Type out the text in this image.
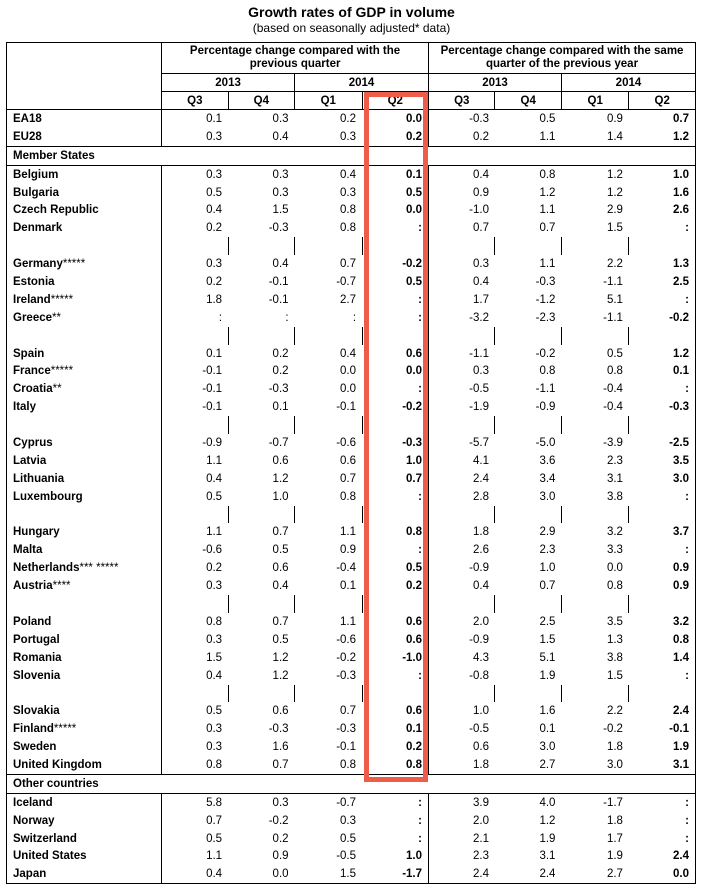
Growth rates of GDP in volume
(based on seasonally adjusted* data)
	Percentage change compared with the previous quarter				Percentage change compared with the same quarter of the previous year			
	2013		2014		2013		2014	
	Q3	Q4	Q1	Q2	Q3	Q4	Q1	Q2
EA18	0.1	0.3	0.2	0.0	-0.3	0.5	0.9	0.7
EU28	0.3	0.4	0.3	0.2	0.2	1.1	1.4	1.2
Member States								
Belgium	0.3	0.3	0.4	0.1	0.4	0.8	1.2	1.0
Bulgaria	0.5	0.3	0.3	0.5	0.9	1.2	1.2	1.6
Czech Republic	0.4	1.5	0.8	0.0	-1.0	1.1	2.9	2.6
Denmark	0.2	-0.3	0.8	:	0.7	0.7	1.5	:

Germany*****	0.3	0.4	0.7	-0.2	0.3	1.1	2.2	1.3
Estonia	0.2	-0.1	-0.7	0.5	0.4	-0.3	-1.1	2.5
Ireland*****	1.8	-0.1	2.7	:	1.7	-1.2	5.1	:
Greece**	:	:	:	:	-3.2	-2.3	-1.1	-0.2

Spain	0.1	0.2	0.4	0.6	-1.1	-0.2	0.5	1.2
France*****	-0.1	0.2	0.0	0.0	0.3	0.8	0.8	0.1
Croatia**	-0.1	-0.3	0.0	:	-0.5	-1.1	-0.4	:
Italy	-0.1	0.1	-0.1	-0.2	-1.9	-0.9	-0.4	-0.3

Cyprus	-0.9	-0.7	-0.6	-0.3	-5.7	-5.0	-3.9	-2.5
Latvia	1.1	0.6	0.6	1.0	4.1	3.6	2.3	3.5
Lithuania	0.4	1.2	0.7	0.7	2.4	3.4	3.1	3.0
Luxembourg	0.5	1.0	0.8	:	2.8	3.0	3.8	:

Hungary	1.1	0.7	1.1	0.8	1.8	2.9	3.2	3.7
Malta	-0.6	0.5	0.9	:	2.6	2.3	3.3	:
Netherlands*** *****	0.2	0.6	-0.4	0.5	-0.9	1.0	0.0	0.9
Austria****	0.3	0.4	0.1	0.2	0.4	0.7	0.8	0.9

Poland	0.8	0.7	1.1	0.6	2.0	2.5	3.5	3.2
Portugal	0.3	0.5	-0.6	0.6	-0.9	1.5	1.3	0.8
Romania	1.5	1.2	-0.2	-1.0	4.3	5.1	3.8	1.4
Slovenia	0.4	1.2	-0.3	:	-0.8	1.9	1.5	:

Slovakia	0.5	0.6	0.7	0.6	1.0	1.6	2.2	2.4
Finland*****	0.3	-0.3	-0.3	0.1	-0.5	0.1	-0.2	-0.1
Sweden	0.3	1.6	-0.1	0.2	0.6	3.0	1.8	1.9
United Kingdom	0.8	0.7	0.8	0.8	1.8	2.7	3.0	3.1
Other countries								
Iceland	5.8	0.3	-0.7	:	3.9	4.0	-1.7	:
Norway	0.7	-0.2	0.3	:	2.0	1.2	1.8	:
Switzerland	0.5	0.2	0.5	:	2.1	1.9	1.7	:
United States	1.1	0.9	-0.5	1.0	2.3	3.1	1.9	2.4
Japan	0.4	0.0	1.5	-1.7	2.4	2.4	2.7	0.0
